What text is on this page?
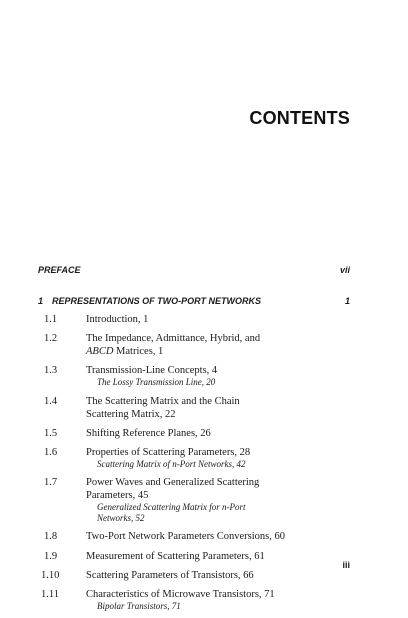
CONTENTS
PREFACE	vii
1 REPRESENTATIONS OF TWO-PORT NETWORKS	1
1.1	Introduction, 1
1.2	The Impedance, Admittance, Hybrid, and
ABCD Matrices, 1
1.3	Transmission-Line Concepts, 4
The Lossy Transmission Line, 20
1.4	The Scattering Matrix and the Chain
Scattering Matrix, 22
1.5	Shifting Reference Planes, 26
1.6	Properties of Scattering Parameters, 28
Scattering Matrix of n-Port Networks, 42
1.7	Power Waves and Generalized Scattering
Parameters, 45
Generalized Scattering Matrix for n-Port
Networks, 52
1.8	Two-Port Network Parameters Conversions, 60
1.9	Measurement of Scattering Parameters, 61
1.10	Scattering Parameters of Transistors, 66
1.11	Characteristics of Microwave Transistors, 71
Bipolar Transistors, 71
iii
